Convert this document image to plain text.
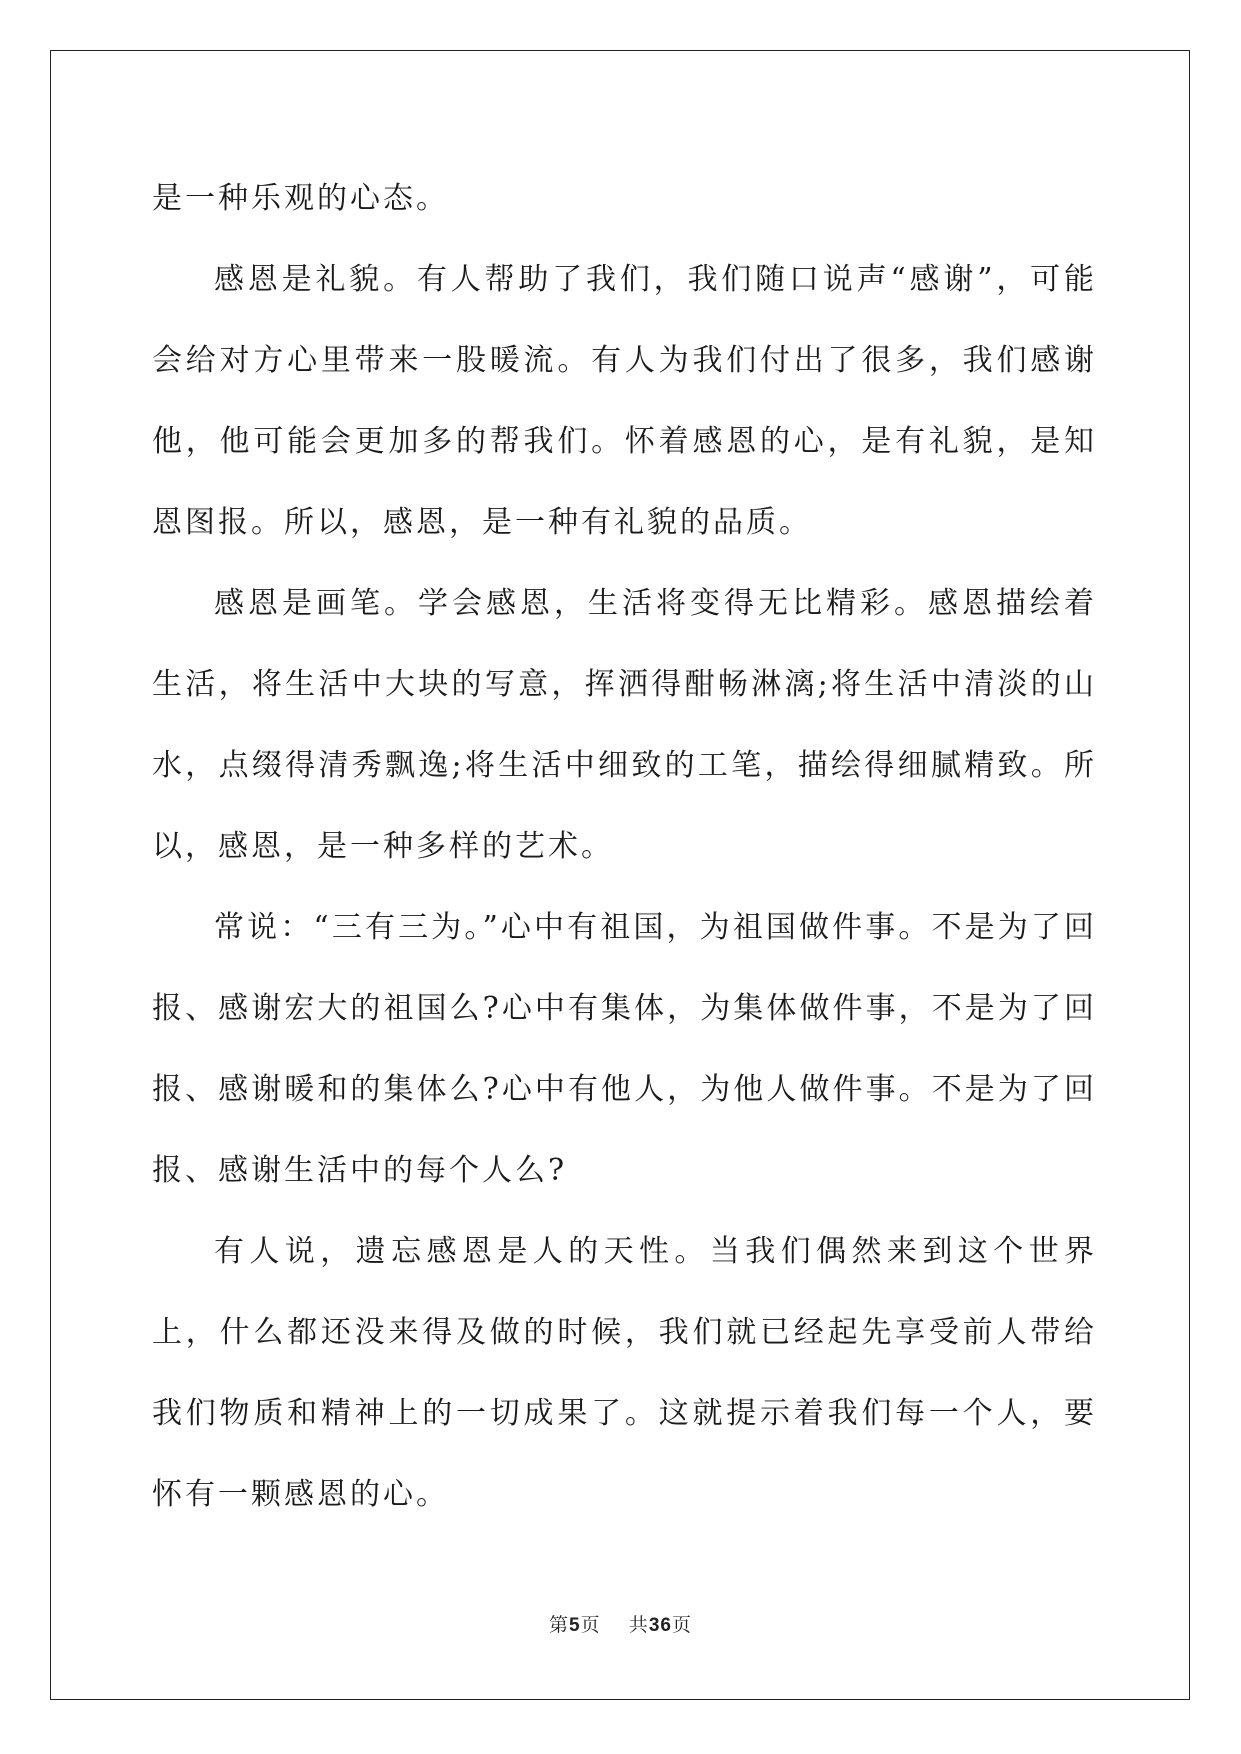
是一种乐观的心态。

感恩是礼貌。有人帮助了我们，我们随口说声“感谢”，可能会给对方心里带来一股暖流。有人为我们付出了很多，我们感谢他，他可能会更加多的帮我们。怀着感恩的心，是有礼貌，是知恩图报。所以，感恩，是一种有礼貌的品质。

感恩是画笔。学会感恩，生活将变得无比精彩。感恩描绘着生活，将生活中大块的写意，挥洒得酣畅淋漓;将生活中清淡的山水，点缀得清秀飘逸;将生活中细致的工笔，描绘得细腻精致。所以，感恩，是一种多样的艺术。

常说：“三有三为。”心中有祖国，为祖国做件事。不是为了回报、感谢宏大的祖国么?心中有集体，为集体做件事，不是为了回报、感谢暖和的集体么?心中有他人，为他人做件事。不是为了回报、感谢生活中的每个人么?

有人说，遗忘感恩是人的天性。当我们偶然来到这个世界上，什么都还没来得及做的时候，我们就已经起先享受前人带给我们物质和精神上的一切成果了。这就提示着我们每一个人，要怀有一颗感恩的心。

第5页 共36页
